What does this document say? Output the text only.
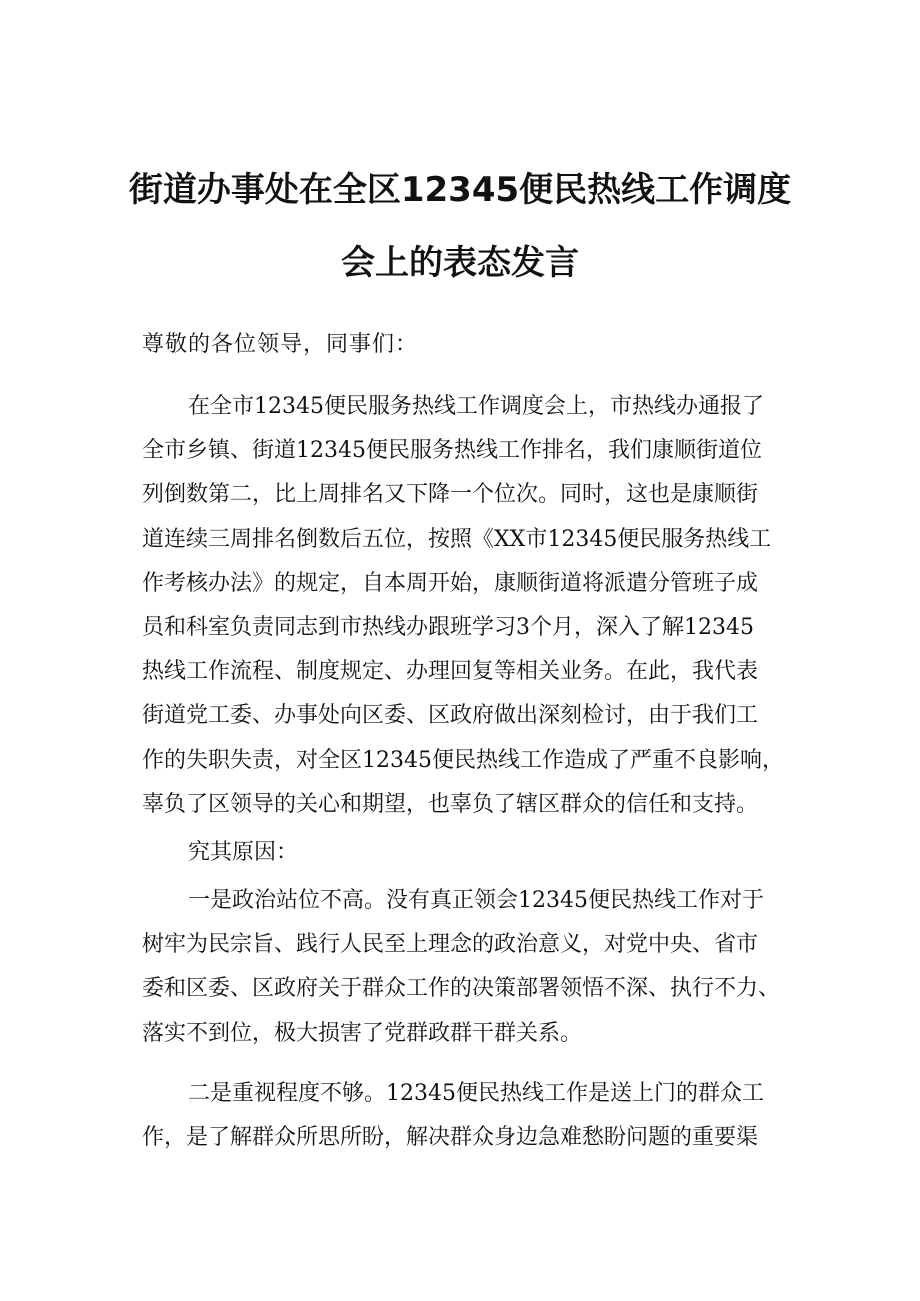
街道办事处在全区12345便民热线工作调度
会上的表态发言
尊敬的各位领导，同事们：
在全市12345便民服务热线工作调度会上，市热线办通报了
全市乡镇、街道12345便民服务热线工作排名，我们康顺街道位
列倒数第二，比上周排名又下降一个位次。同时，这也是康顺街
道连续三周排名倒数后五位，按照《XX市12345便民服务热线工
作考核办法》的规定，自本周开始，康顺街道将派遣分管班子成
员和科室负责同志到市热线办跟班学习3个月，深入了解12345
热线工作流程、制度规定、办理回复等相关业务。在此，我代表
街道党工委、办事处向区委、区政府做出深刻检讨，由于我们工
作的失职失责，对全区12345便民热线工作造成了严重不良影响，
辜负了区领导的关心和期望，也辜负了辖区群众的信任和支持。
究其原因：
一是政治站位不高。没有真正领会12345便民热线工作对于
树牢为民宗旨、践行人民至上理念的政治意义，对党中央、省市
委和区委、区政府关于群众工作的决策部署领悟不深、执行不力、
落实不到位，极大损害了党群政群干群关系。
二是重视程度不够。12345便民热线工作是送上门的群众工
作，是了解群众所思所盼，解决群众身边急难愁盼问题的重要渠
